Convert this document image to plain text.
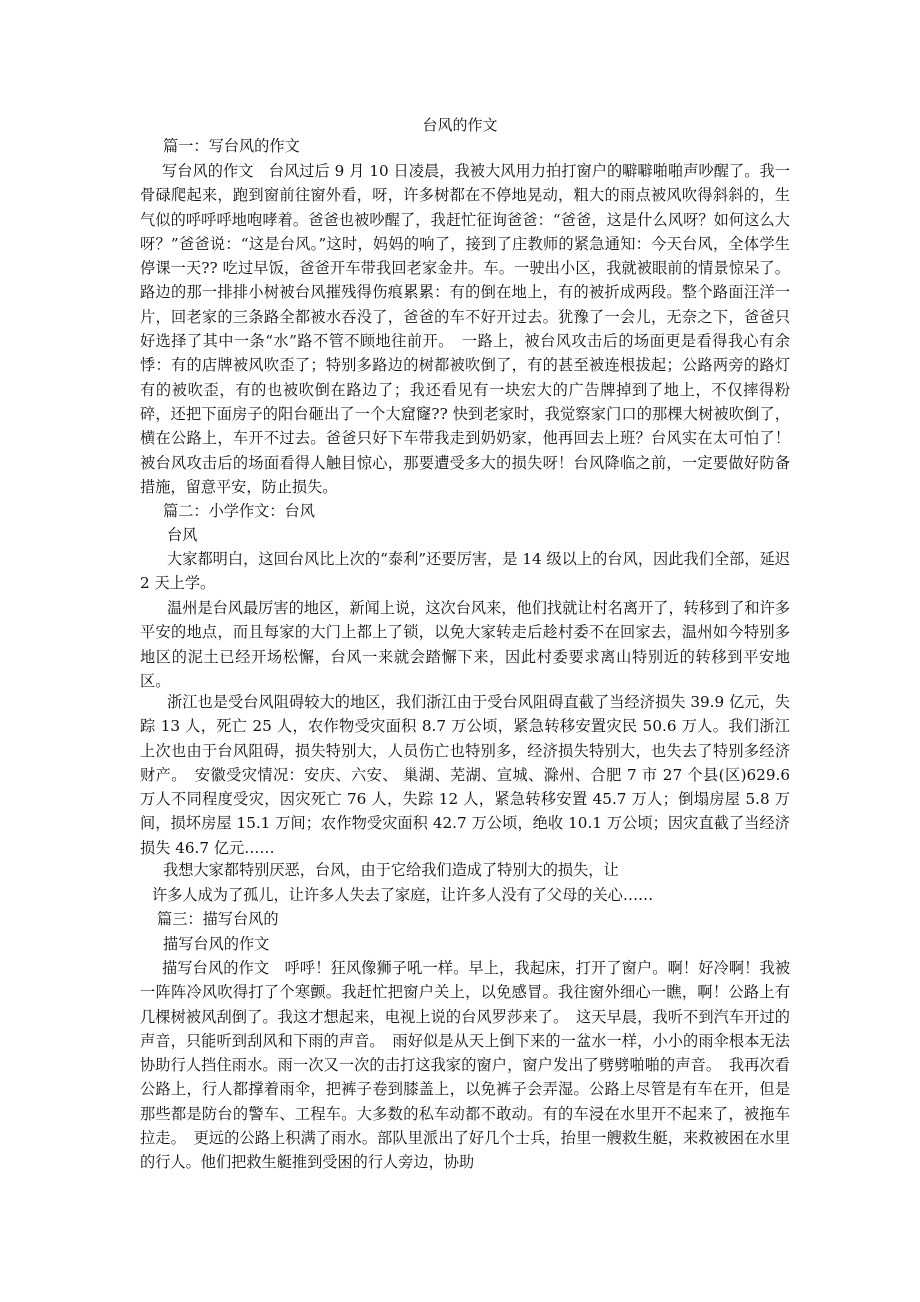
台风的作文
篇一：写台风的作文

写台风的作文　台风过后 9 月 10 日凌晨，我被大风用力拍打窗户的噼噼啪啪声吵醒了。我一骨碌爬起来，跑到窗前往窗外看，呀，许多树都在不停地晃动，粗大的雨点被风吹得斜斜的，生气似的呼呼呼地咆哮着。爸爸也被吵醒了，我赶忙征询爸爸：“爸爸，这是什么风呀？如何这么大呀？”爸爸说：“这是台风。”这时，妈妈的响了，接到了庄教师的紧急通知：今天台风，全体学生停课一天?? 吃过早饭，爸爸开车带我回老家金井。车。一驶出小区，我就被眼前的情景惊呆了。路边的那一排排小树被台风摧残得伤痕累累：有的倒在地上，有的被折成两段。整个路面汪洋一片，回老家的三条路全都被水吞没了，爸爸的车不好开过去。犹豫了一会儿，无奈之下，爸爸只好选择了其中一条“水”路不管不顾地往前开。　一路上，被台风攻击后的场面更是看得我心有余悸：有的店牌被风吹歪了；特别多路边的树都被吹倒了，有的甚至被连根拔起；公路两旁的路灯有的被吹歪，有的也被吹倒在路边了；我还看见有一块宏大的广告牌掉到了地上，不仅摔得粉碎，还把下面房子的阳台砸出了一个大窟窿?? 快到老家时，我觉察家门口的那棵大树被吹倒了，横在公路上，车开不过去。爸爸只好下车带我走到奶奶家，他再回去上班？台风实在太可怕了！被台风攻击后的场面看得人触目惊心，那要遭受多大的损失呀！台风降临之前，一定要做好防备措施，留意平安，防止损失。

篇二：小学作文：台风
台风

大家都明白，这回台风比上次的“泰利”还要厉害，是 14 级以上的台风，因此我们全部，延迟 2 天上学。

温州是台风最厉害的地区，新闻上说，这次台风来，他们找就让村名离开了，转移到了和许多平安的地点，而且每家的大门上都上了锁，以免大家转走后趁村委不在回家去，温州如今特别多地区的泥土已经开场松懈，台风一来就会踏懈下来，因此村委要求离山特别近的转移到平安地区。

浙江也是受台风阻碍较大的地区，我们浙江由于受台风阻碍直截了当经济损失 39.9 亿元，失踪 13 人，死亡 25 人，农作物受灾面积 8.7 万公顷，紧急转移安置灾民 50.6 万人。我们浙江上次也由于台风阻碍，损失特别大，人员伤亡也特别多，经济损失特别大，也失去了特别多经济财产。　安徽受灾情况：安庆、六安、 巢湖、芜湖、宣城、滁州、合肥 7 市 27 个县(区)629.6 万人不同程度受灾，因灾死亡 76 人，失踪 12 人，紧急转移安置 45.7 万人；倒塌房屋 5.8 万间，损坏房屋 15.1 万间；农作物受灾面积 42.7 万公顷，绝收 10.1 万公顷；因灾直截了当经济损失 46.7 亿元……

我想大家都特别厌恶，台风，由于它给我们造成了特别大的损失，让
许多人成为了孤儿，让许多人失去了家庭，让许多人没有了父母的关心……
篇三：描写台风的
描写台风的作文

描写台风的作文　呼呼！狂风像狮子吼一样。早上，我起床，打开了窗户。啊！好冷啊！我被一阵阵冷风吹得打了个寒颤。我赶忙把窗户关上，以免感冒。我往窗外细心一瞧，啊！公路上有几棵树被风刮倒了。我这才想起来，电视上说的台风罗莎来了。　这天早晨，我听不到汽车开过的声音，只能听到刮风和下雨的声音。　雨好似是从天上倒下来的一盆水一样，小小的雨伞根本无法协助行人挡住雨水。雨一次又一次的击打这我家的窗户，窗户发出了劈劈啪啪的声音。　我再次看公路上，行人都撑着雨伞，把裤子卷到膝盖上，以免裤子会弄湿。公路上尽管是有车在开，但是那些都是防台的警车、工程车。大多数的私车动都不敢动。有的车浸在水里开不起来了，被拖车拉走。　更远的公路上积满了雨水。部队里派出了好几个士兵，抬里一艘救生艇，来救被困在水里的行人。他们把救生艇推到受困的行人旁边，协助
